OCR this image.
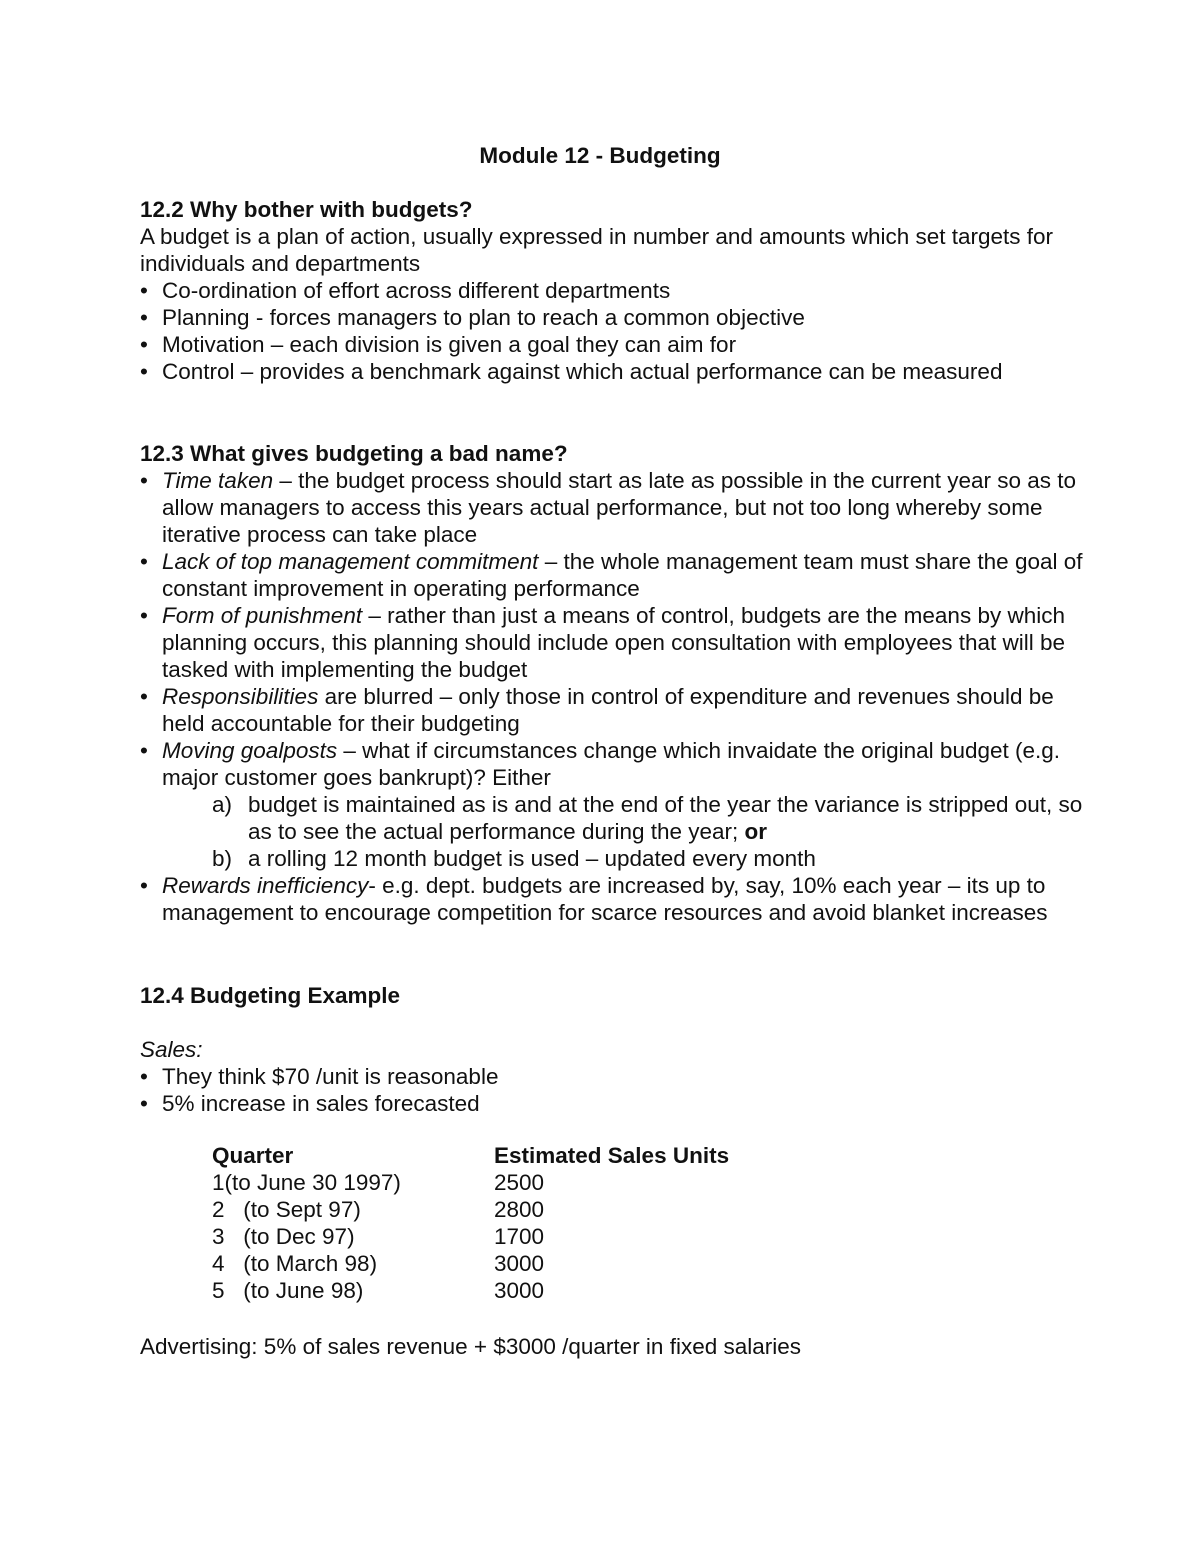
Module 12 - Budgeting
12.2 Why bother with budgets?
A budget is a plan of action, usually expressed in number and amounts which set targets for individuals and departments
• Co-ordination of effort across different departments
• Planning - forces managers to plan to reach a common objective
• Motivation – each division is given a goal they can aim for
• Control – provides a benchmark against which actual performance can be measured
12.3 What gives budgeting a bad name?
• Time taken – the budget process should start as late as possible in the current year so as to allow managers to access this years actual performance, but not too long whereby some iterative process can take place
• Lack of top management commitment – the whole management team must share the goal of constant improvement in operating performance
• Form of punishment – rather than just a means of control, budgets are the means by which planning occurs, this planning should include open consultation with employees that will be tasked with implementing the budget
• Responsibilities are blurred – only those in control of expenditure and revenues should be held accountable for their budgeting
• Moving goalposts – what if circumstances change which invaidate the original budget (e.g. major customer goes bankrupt)? Either
a) budget is maintained as is and at the end of the year the variance is stripped out, so as to see the actual performance during the year; or
b) a rolling 12 month budget is used – updated every month
• Rewards inefficiency- e.g. dept. budgets are increased by, say, 10% each year – its up to management to encourage competition for scarce resources and avoid blanket increases
12.4 Budgeting Example
Sales:
• They think $70 /unit is reasonable
• 5% increase in sales forecasted
Quarter	Estimated Sales Units
1(to June 30 1997)	2500
2   (to Sept 97)	2800
3   (to Dec 97)	1700
4   (to March 98)	3000
5   (to June 98)	3000
Advertising: 5% of sales revenue + $3000 /quarter in fixed salaries
